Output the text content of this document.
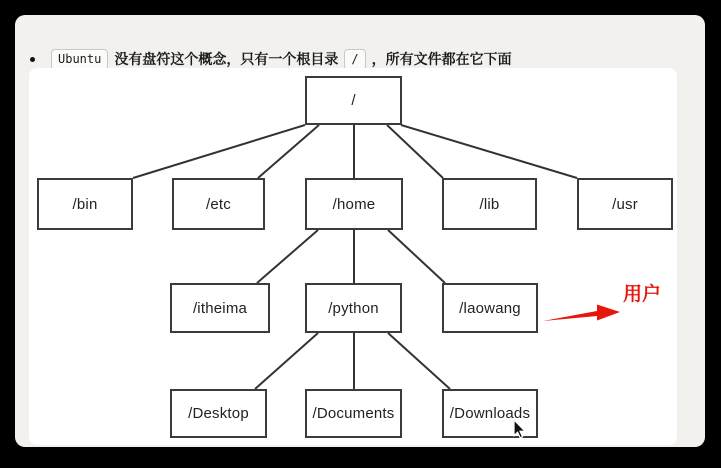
Ubuntu 没有盘符这个概念，只有一个根目录	/ ，所有文件都在它下面
/
/bin	/etc	/home	/lib	/usr
/itheima	/python	/laowang
/Desktop	/Documents	/Downloads
用户
